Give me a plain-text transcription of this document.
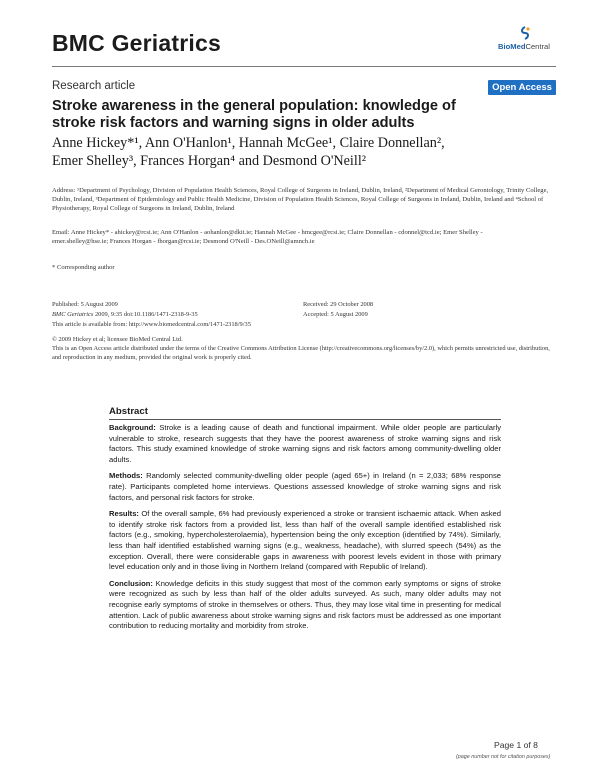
BMC Geriatrics	BioMedCentral
Research article	Open Access
Stroke awareness in the general population: knowledge of stroke risk factors and warning signs in older adults
Anne Hickey*¹, Ann O'Hanlon¹, Hannah McGee¹, Claire Donnellan²,
Emer Shelley³, Frances Horgan⁴ and Desmond O'Neill²
Address: ¹Department of Psychology, Division of Population Health Sciences, Royal College of Surgeons in Ireland, Dublin, Ireland, ²Department of Medical Gerontology, Trinity College, Dublin, Ireland, ³Department of Epidemiology and Public Health Medicine, Division of Population Health Sciences, Royal College of Surgeons in Ireland, Dublin, Ireland and ⁴School of Physiotherapy, Royal College of Surgeons in Ireland, Dublin, Ireland
Email: Anne Hickey* - ahickey@rcsi.ie; Ann O'Hanlon - aohanlon@dkit.ie; Hannah McGee - hmcgee@rcsi.ie; Claire Donnellan - cdonnel@tcd.ie; Emer Shelley - emer.shelley@hse.ie; Frances Horgan - fhorgan@rcsi.ie; Desmond O'Neill - Des.ONeill@amnch.ie
* Corresponding author
Published: 5 August 2009
BMC Geriatrics 2009, 9:35 doi:10.1186/1471-2318-9-35
This article is available from: http://www.biomedcentral.com/1471-2318/9/35
Received: 29 October 2008
Accepted: 5 August 2009
© 2009 Hickey et al; licensee BioMed Central Ltd.
This is an Open Access article distributed under the terms of the Creative Commons Attribution License (http://creativecommons.org/licenses/by/2.0), which permits unrestricted use, distribution, and reproduction in any medium, provided the original work is properly cited.
Abstract

Background: Stroke is a leading cause of death and functional impairment. While older people are particularly vulnerable to stroke, research suggests that they have the poorest awareness of stroke warning signs and risk factors. This study examined knowledge of stroke warning signs and risk factors among community-dwelling older adults.

Methods: Randomly selected community-dwelling older people (aged 65+) in Ireland (n = 2,033; 68% response rate). Participants completed home interviews. Questions assessed knowledge of stroke warning signs and risk factors, and personal risk factors for stroke.

Results: Of the overall sample, 6% had previously experienced a stroke or transient ischaemic attack. When asked to identify stroke risk factors from a provided list, less than half of the overall sample identified established risk factors (e.g., smoking, hypercholesterolaemia), hypertension being the only exception (identified by 74%). Similarly, less than half identified established warning signs (e.g., weakness, headache), with slurred speech (54%) as the exception. Overall, there were considerable gaps in awareness with poorest levels evident in those with primary level education only and in those living in Northern Ireland (compared with Republic of Ireland).

Conclusion: Knowledge deficits in this study suggest that most of the common early symptoms or signs of stroke were recognized as such by less than half of the older adults surveyed. As such, many older adults may not recognise early symptoms of stroke in themselves or others. Thus, they may lose vital time in presenting for medical attention. Lack of public awareness about stroke warning signs and risk factors must be addressed as one important contribution to reducing mortality and morbidity from stroke.

Page 1 of 8
(page number not for citation purposes)
